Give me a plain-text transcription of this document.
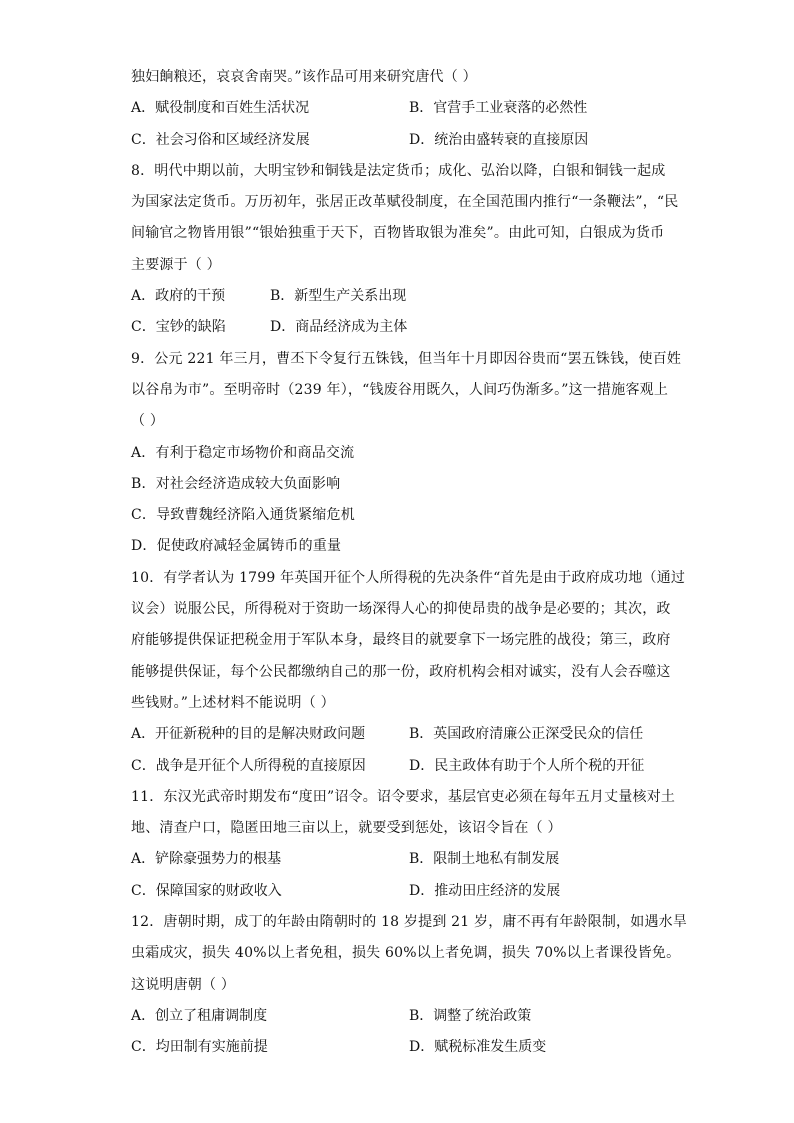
独妇餉粮还，哀哀舍南哭。”该作品可用来研究唐代（ ）
A．赋役制度和百姓生活状况	B．官营手工业衰落的必然性
C．社会习俗和区域经济发展	D．统治由盛转衰的直接原因
8．明代中期以前，大明宝钞和铜钱是法定货币；成化、弘治以降，白银和铜钱一起成
为国家法定货币。万历初年，张居正改革赋役制度，在全国范围内推行“一条鞭法”，“民
间输官之物皆用银”“银始独重于天下，百物皆取银为准矣”。由此可知，白银成为货币
主要源于（ ）
A．政府的干预	B．新型生产关系出现
C．宝钞的缺陷	D．商品经济成为主体
9．公元 221 年三月，曹丕下令复行五铢钱，但当年十月即因谷贵而“罢五铢钱，使百姓
以谷帛为市”。至明帝时（239 年），“钱废谷用既久，人间巧伪渐多。”这一措施客观上
（ ）
A．有利于稳定市场物价和商品交流
B．对社会经济造成较大负面影响
C．导致曹魏经济陷入通货紧缩危机
D．促使政府减轻金属铸币的重量
10．有学者认为 1799 年英国开征个人所得税的先决条件“首先是由于政府成功地（通过
议会）说服公民，所得税对于资助一场深得人心的抑使昂贵的战争是必要的；其次，政
府能够提供保证把税金用于军队本身，最终目的就要拿下一场完胜的战役；第三，政府
能够提供保证，每个公民都缴纳自己的那一份，政府机构会相对诚实，没有人会吞噬这
些钱财。”上述材料不能说明（ ）
A．开征新税种的目的是解决财政问题	B．英国政府清廉公正深受民众的信任
C．战争是开征个人所得税的直接原因	D．民主政体有助于个人所个税的开征
11．东汉光武帝时期发布“度田”诏令。诏令要求，基层官吏必须在每年五月丈量核对土
地、清查户口，隐匿田地三亩以上，就要受到惩处，该诏令旨在（ ）
A．铲除豪强势力的根基	B．限制土地私有制发展
C．保障国家的财政收入	D．推动田庄经济的发展
12．唐朝时期，成丁的年龄由隋朝时的 18 岁提到 21 岁，庸不再有年龄限制，如遇水旱
虫霜成灾，损失 40%以上者免租，损失 60%以上者免调，损失 70%以上者课役皆免。
这说明唐朝（ ）
A．创立了租庸调制度	B．调整了统治政策
C．均田制有实施前提	D．赋税标准发生质变
